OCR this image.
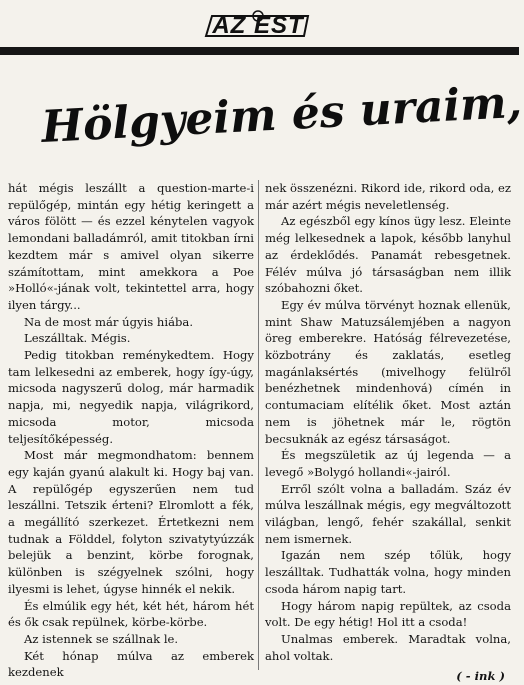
AZ EST
Hölgyeim és uraim,

hát mégis leszállt a question-marte-i repülőgép, mintán egy hétig keringett a város fölött — és ezzel kénytelen vagyok lemondani balladámról, amit titokban írni kezdtem már s amivel olyan sikerre számítottam, mint amekkora a Poe »Holló«-jának volt, tekintettel arra, hogy ilyen tárgy...

Na de most már úgyis hiába.

Leszálltak. Mégis.

Pedig titokban reménykedtem. Hogy tam lelkesedni az emberek, hogy így-úgy, micsoda nagyszerű dolog, már harmadik napja, mi, negyedik napja, világrikord, micsoda motor, micsoda teljesítőképesség.

Most már megmondhatom: bennem egy kaján gyanú alakult ki. Hogy baj van. A repülőgép egyszerűen nem tud leszállni. Tetszik érteni? Elromlott a fék, a megállító szerkezet. Értetkezni nem tudnak a Földdel, folyton szivatytyúzzák belejük a benzint, körbe forognak, különben is szégyelnek szólni, hogy ilyesmi is lehet, úgyse hinnék el nekik.

És elmúlik egy hét, két hét, három hét és ők csak repülnek, körbe-körbe.

Az istennek se szállnak le.

Két hónap múlva az emberek kezdenek

nek összenézni. Rikord ide, rikord oda, ez már azért mégis neveletlenség.

Az egészből egy kínos ügy lesz. Eleinte még lelkesednek a lapok, később lanyhul az érdeklődés. Panamát rebesgetnek. Félév múlva jó társaságban nem illik szóbahozni őket.

Egy év múlva törvényt hoznak ellenük, mint Shaw Matuzsálemjében a nagyon öreg emberekre. Hatóság félrevezetése, közbotrány és zaklatás, esetleg magánlaksértés (mivelhogy felülről benézhetnek mindenhová) címén in contumaciam elítélik őket. Most aztán nem is jöhetnek már le, rögtön becsuknák az egész társaságot.

És megszületik az új legenda — a levegő »Bolygó hollandi«-jairól.

Erről szólt volna a balladám. Száz év múlva leszállnak mégis, egy megváltozott világban, lengő, fehér szakállal, senkit nem ismernek.

Igazán nem szép tőlük, hogy leszálltak. Tudhatták volna, hogy minden csoda három napig tart.

Hogy három napig repültek, az csoda volt. De egy hétig! Hol itt a csoda!

Unalmas emberek. Maradtak volna, ahol voltak.

( - ink )
